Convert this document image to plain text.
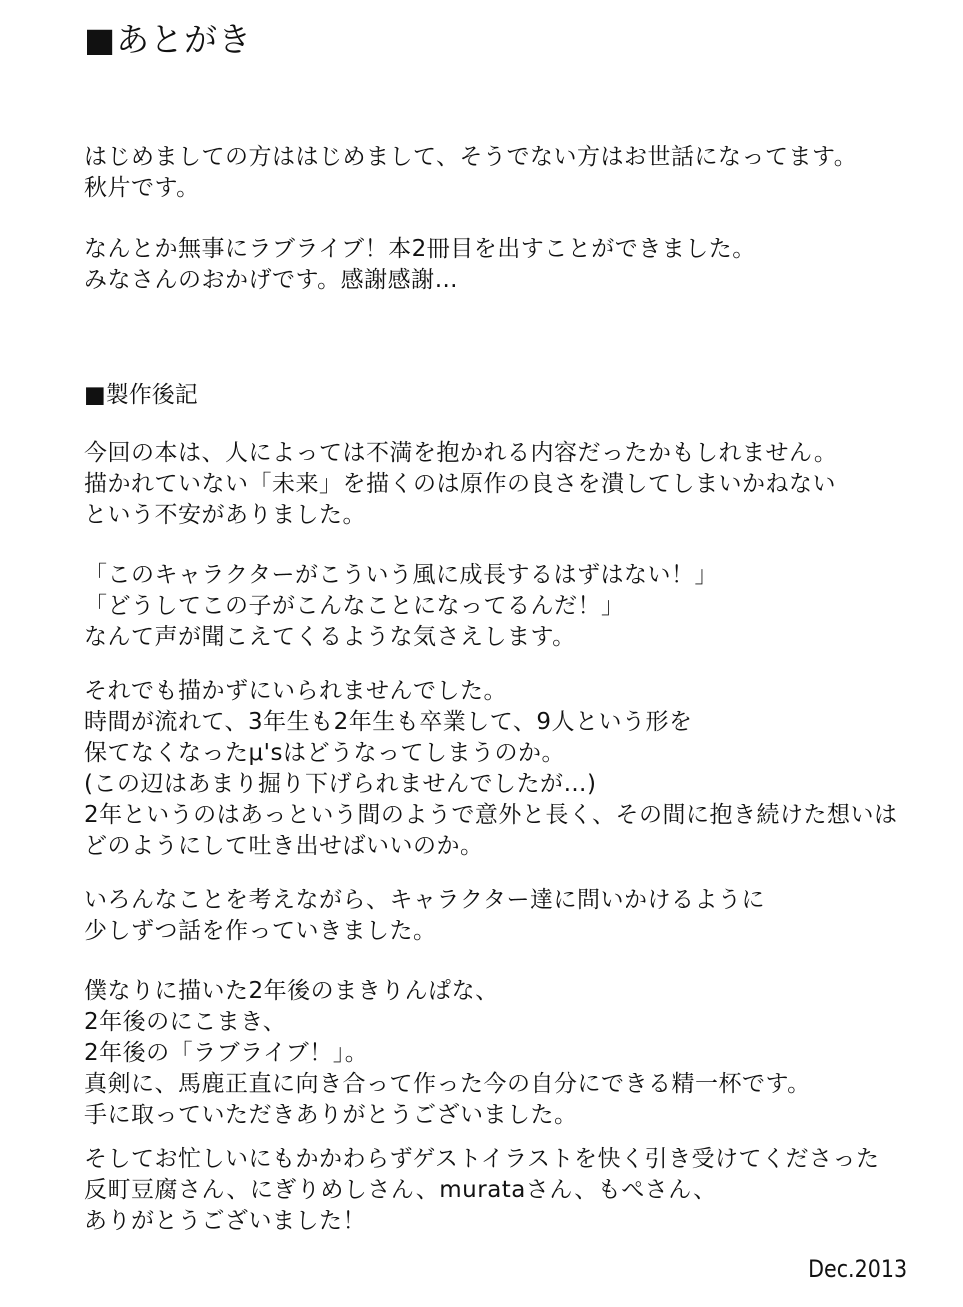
■あとがき
はじめましての方ははじめまして、そうでない方はお世話になってます。
秋片です。
なんとか無事にラブライブ！本2冊目を出すことができました。
みなさんのおかげです。感謝感謝…
■製作後記
今回の本は、人によっては不満を抱かれる内容だったかもしれません。
描かれていない「未来」を描くのは原作の良さを潰してしまいかねない
という不安がありました。
「このキャラクターがこういう風に成長するはずはない！」
「どうしてこの子がこんなことになってるんだ！」
なんて声が聞こえてくるような気さえします。
それでも描かずにいられませんでした。
時間が流れて、3年生も2年生も卒業して、9人という形を
保てなくなったμ'sはどうなってしまうのか。
(この辺はあまり掘り下げられませんでしたが…)
2年というのはあっという間のようで意外と長く、その間に抱き続けた想いは
どのようにして吐き出せばいいのか。
いろんなことを考えながら、キャラクター達に問いかけるように
少しずつ話を作っていきました。
僕なりに描いた2年後のまきりんぱな、
2年後のにこまき、
2年後の「ラブライブ！」。
真剣に、馬鹿正直に向き合って作った今の自分にできる精一杯です。
手に取っていただきありがとうございました。
そしてお忙しいにもかかわらずゲストイラストを快く引き受けてくださった
反町豆腐さん、にぎりめしさん、murataさん、もぺさん、
ありがとうございました！
Dec.2013
